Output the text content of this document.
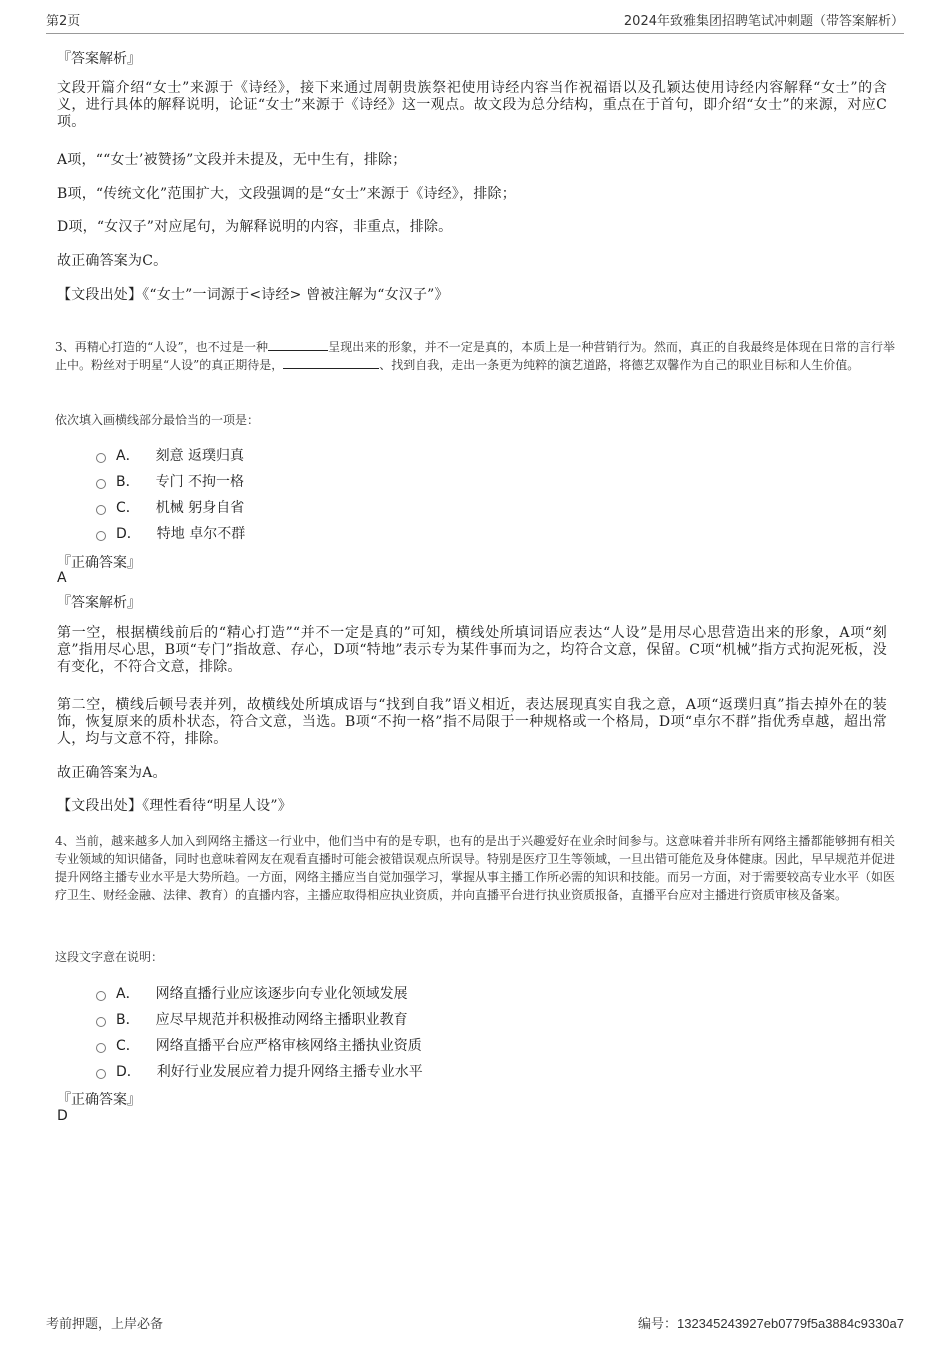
第2页	2024年致雅集团招聘笔试冲刺题（带答案解析）
『答案解析』
文段开篇介绍“女士”来源于《诗经》，接下来通过周朝贵族祭祀使用诗经内容当作祝福语以及孔颖达使用诗经内容解释“女士”的含义，进行具体的解释说明，论证“女士”来源于《诗经》这一观点。故文段为总分结构，重点在于首句，即介绍“女士”的来源，对应C项。
A项，““女士’被赞扬”文段并未提及，无中生有，排除；
B项，“传统文化”范围扩大，文段强调的是“女士”来源于《诗经》，排除；
D项，“女汉子”对应尾句，为解释说明的内容，非重点，排除。
故正确答案为C。
【文段出处】《“女士”一词源于<诗经> 曾被注解为“女汉子”》
3、再精心打造的“人设”，也不过是一种	呈现出来的形象，并不一定是真的，本质上是一种营销行为。然而，真正的自我最终是体现在日常的言行举止中。粉丝对于明星“人设”的真正期待是，	、找到自我，走出一条更为纯粹的演艺道路，将德艺双馨作为自己的职业目标和人生价值。
依次填入画横线部分最恰当的一项是：
A． 刻意 返璞归真
B． 专门 不拘一格
C． 机械 躬身自省
D． 特地 卓尔不群
『正确答案』
A
『答案解析』
第一空，根据横线前后的“精心打造”“并不一定是真的”可知，横线处所填词语应表达“人设”是用尽心思营造出来的形象，A项“刻意”指用尽心思，B项“专门”指故意、存心，D项“特地”表示专为某件事而为之，均符合文意，保留。C项“机械”指方式拘泥死板，没有变化，不符合文意，排除。
第二空，横线后顿号表并列，故横线处所填成语与“找到自我”语义相近，表达展现真实自我之意，A项“返璞归真”指去掉外在的装饰，恢复原来的质朴状态，符合文意，当选。B项“不拘一格”指不局限于一种规格或一个格局，D项“卓尔不群”指优秀卓越，超出常人，均与文意不符，排除。
故正确答案为A。
【文段出处】《理性看待“明星人设”》
4、当前，越来越多人加入到网络主播这一行业中，他们当中有的是专职，也有的是出于兴趣爱好在业余时间参与。这意味着并非所有网络主播都能够拥有相关专业领域的知识储备，同时也意味着网友在观看直播时可能会被错误观点所误导。特别是医疗卫生等领域，一旦出错可能危及身体健康。因此，早早规范并促进提升网络主播专业水平是大势所趋。一方面，网络主播应当自觉加强学习，掌握从事主播工作所必需的知识和技能。而另一方面，对于需要较高专业水平（如医疗卫生、财经金融、法律、教育）的直播内容，主播应取得相应执业资质，并向直播平台进行执业资质报备，直播平台应对主播进行资质审核及备案。
这段文字意在说明：
A． 网络直播行业应该逐步向专业化领域发展
B． 应尽早规范并积极推动网络主播职业教育
C． 网络直播平台应严格审核网络主播执业资质
D． 利好行业发展应着力提升网络主播专业水平
『正确答案』
D
考前押题，上岸必备	编号：132345243927eb0779f5a3884c9330a7
